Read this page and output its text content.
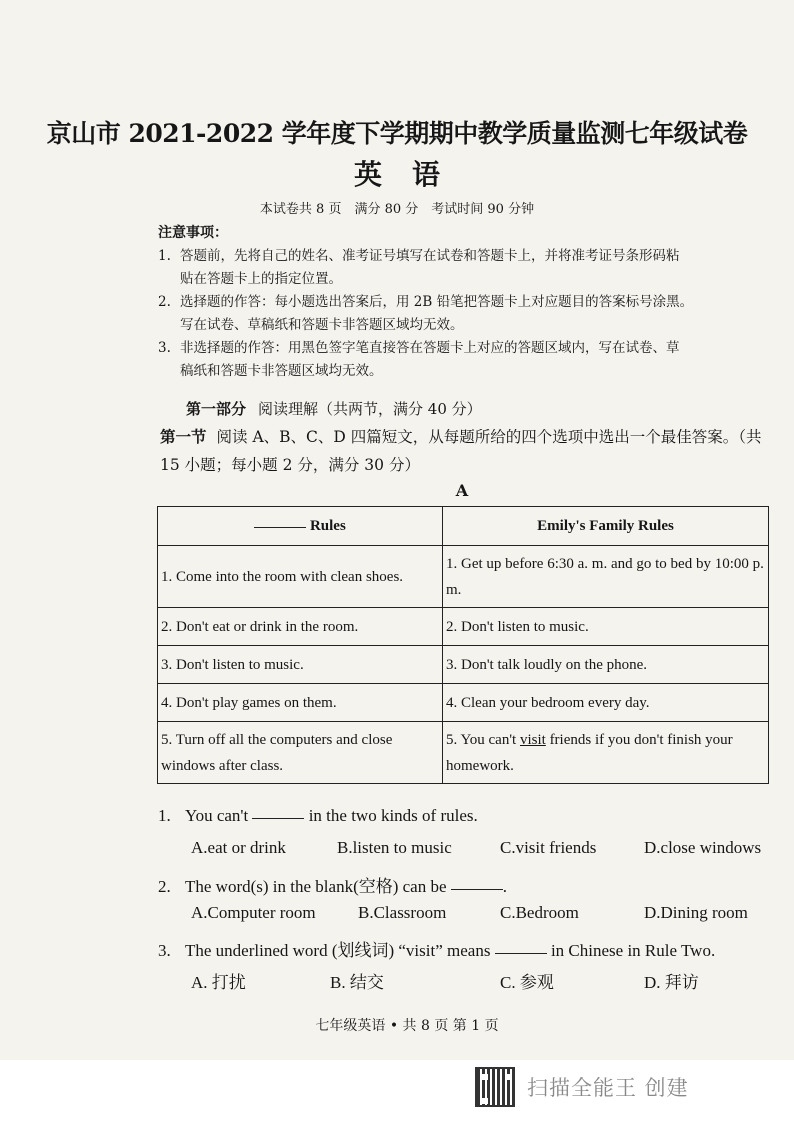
京山市 2021-2022 学年度下学期期中教学质量监测七年级试卷
英语
本试卷共 8 页　满分 80 分　考试时间 90 分钟
注意事项：
1. 答题前，先将自己的姓名、准考证号填写在试卷和答题卡上，并将准考证号条形码粘
贴在答题卡上的指定位置。
2. 选择题的作答：每小题选出答案后，用 2B 铅笔把答题卡上对应题目的答案标号涂黑。
写在试卷、草稿纸和答题卡非答题区域均无效。
3. 非选择题的作答：用黑色签字笔直接答在答题卡上对应的答题区域内，写在试卷、草
稿纸和答题卡非答题区域均无效。
第一部分 阅读理解（共两节，满分 40 分）
第一节 阅读 A、B、C、D 四篇短文，从每题所给的四个选项中选出一个最佳答案。（共 15 小题；每小题 2 分，满分 30 分）
A
Rules	Emily's Family Rules
1. Come into the room with clean shoes.	1. Get up before 6:30 a. m. and go to bed by 10:00 p. m.
2. Don't eat or drink in the room.	2. Don't listen to music.
3. Don't listen to music.	3. Don't talk loudly on the phone.
4. Don't play games on them.	4. Clean your bedroom every day.
5. Turn off all the computers and close windows after class.	5. You can't visit friends if you don't finish your homework.
1. You can't	in the two kinds of rules.
A.eat or drink	B.listen to music	C.visit friends	D.close windows
2. The word(s) in the blank(空格) can be	.
A.Computer room B.Classroom	C.Bedroom	D.Dining room
3. The underlined word (划线词) “visit” means	in Chinese in Rule Two.
A. 打扰	B. 结交	C. 参观	D. 拜访
七年级英语 • 共 8 页 第 1 页
扫描全能王 创建
